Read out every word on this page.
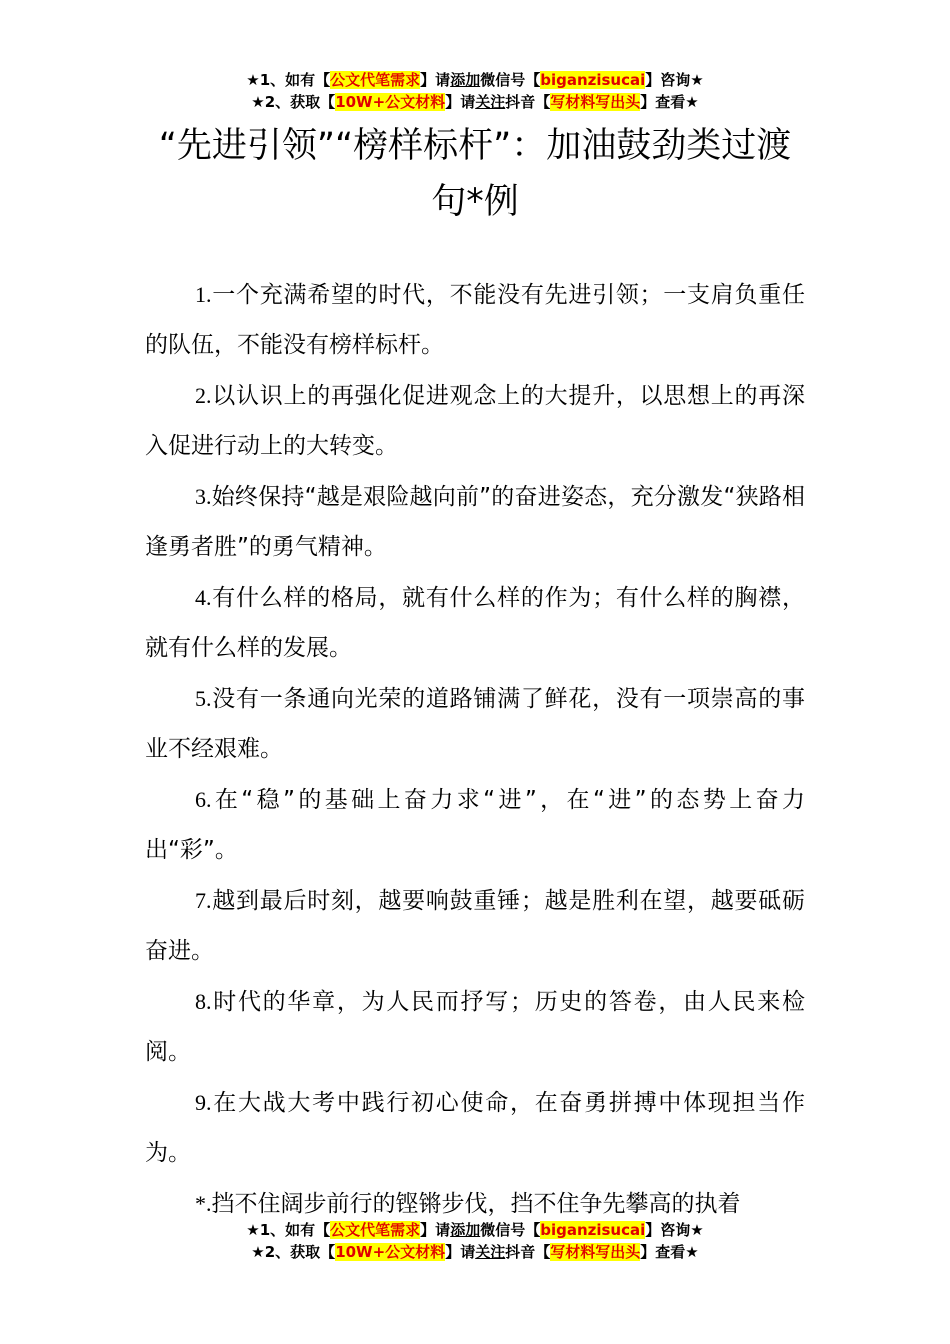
★1、如有【公文代笔需求】请添加微信号【biganzisucai】咨询★
★2、获取【10W+公文材料】请关注抖音【写材料写出头】查看★
“先进引领”“榜样标杆”：加油鼓劲类过渡句*例

1.一个充满希望的时代，不能没有先进引领；一支肩负重任的队伍，不能没有榜样标杆。

2.以认识上的再强化促进观念上的大提升，以思想上的再深入促进行动上的大转变。

3.始终保持“越是艰险越向前”的奋进姿态，充分激发“狭路相逢勇者胜”的勇气精神。

4.有什么样的格局，就有什么样的作为；有什么样的胸襟，就有什么样的发展。

5.没有一条通向光荣的道路铺满了鲜花，没有一项崇高的事业不经艰难。

6.在“稳”的基础上奋力求“进”，在“进”的态势上奋力出“彩”。

7.越到最后时刻，越要响鼓重锤；越是胜利在望，越要砥砺奋进。

8.时代的华章，为人民而抒写；历史的答卷，由人民来检阅。

9.在大战大考中践行初心使命，在奋勇拼搏中体现担当作为。

*.挡不住阔步前行的铿锵步伐，挡不住争先攀高的执着

★1、如有【公文代笔需求】请添加微信号【biganzisucai】咨询★
★2、获取【10W+公文材料】请关注抖音【写材料写出头】查看★
